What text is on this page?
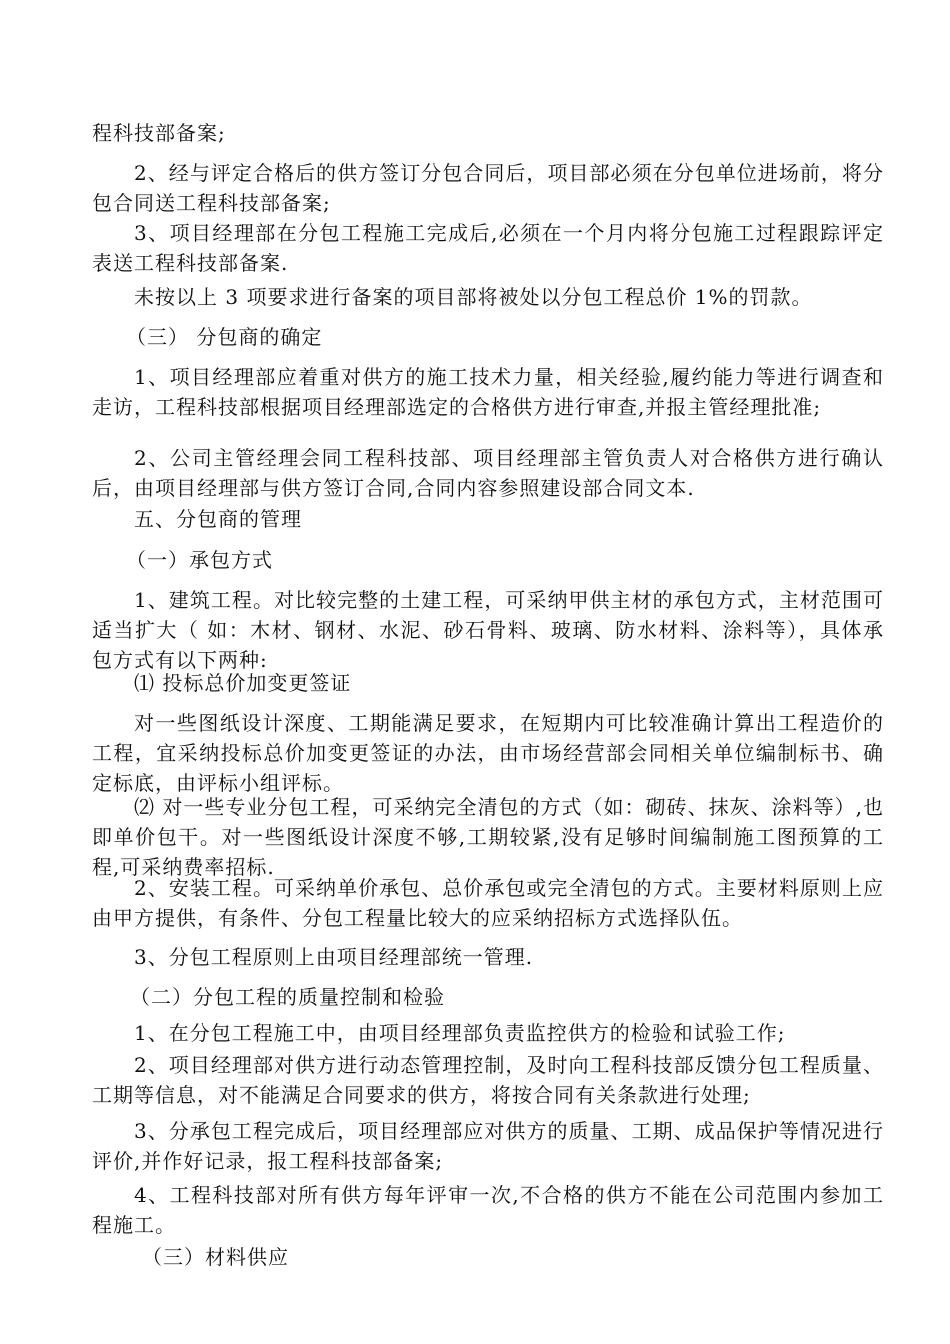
程科技部备案;
2、经与评定合格后的供方签订分包合同后，项目部必须在分包单位进场前，将分包合同送工程科技部备案;
3、项目经理部在分包工程施工完成后,必须在一个月内将分包施工过程跟踪评定表送工程科技部备案.
未按以上 3 项要求进行备案的项目部将被处以分包工程总价 1%的罚款。
（三） 分包商的确定
1、项目经理部应着重对供方的施工技术力量，相关经验,履约能力等进行调查和走访，工程科技部根据项目经理部选定的合格供方进行审查,并报主管经理批准;
2、公司主管经理会同工程科技部、项目经理部主管负责人对合格供方进行确认后，由项目经理部与供方签订合同,合同内容参照建设部合同文本.
五、分包商的管理
（一）承包方式
1、建筑工程。对比较完整的土建工程，可采纳甲供主材的承包方式，主材范围可适当扩大（ 如：木材、钢材、水泥、砂石骨料、玻璃、防水材料、涂料等），具体承包方式有以下两种:
⑴ 投标总价加变更签证
对一些图纸设计深度、工期能满足要求，在短期内可比较准确计算出工程造价的工程，宜采纳投标总价加变更签证的办法，由市场经营部会同相关单位编制标书、确定标底，由评标小组评标。
⑵ 对一些专业分包工程，可采纳完全清包的方式（如：砌砖、抹灰、涂料等）,也即单价包干。对一些图纸设计深度不够,工期较紧,没有足够时间编制施工图预算的工程,可采纳费率招标.
2、安装工程。可采纳单价承包、总价承包或完全清包的方式。主要材料原则上应由甲方提供，有条件、分包工程量比较大的应采纳招标方式选择队伍。
3、分包工程原则上由项目经理部统一管理.
（二）分包工程的质量控制和检验
1、在分包工程施工中，由项目经理部负责监控供方的检验和试验工作;
2、项目经理部对供方进行动态管理控制，及时向工程科技部反馈分包工程质量、工期等信息，对不能满足合同要求的供方，将按合同有关条款进行处理;
3、分承包工程完成后，项目经理部应对供方的质量、工期、成品保护等情况进行评价,并作好记录，报工程科技部备案;
4、工程科技部对所有供方每年评审一次,不合格的供方不能在公司范围内参加工程施工。
（三）材料供应
